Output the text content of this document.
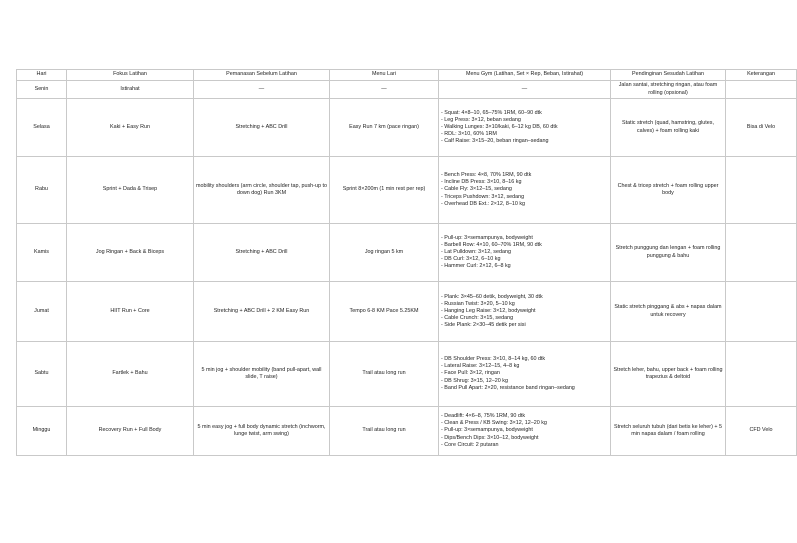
Hari	Fokus Latihan	Pemanasan Sebelum Latihan	Menu Lari	Menu Gym (Latihan, Set × Rep, Beban, Istirahat)	Pendinginan Sesudah Latihan	Keterangan
Senin	Istirahat	—	—	—	Jalan santai, stretching ringan, atau foam rolling (opsional)	
Selasa	Kaki + Easy Run	Stretching + ABC Drill	Easy Run 7 km (pace ringan)	- Squat: 4×8–10, 65–75% 1RM, 60–90 dtk
- Leg Press: 3×12, beban sedang
- Walking Lunges: 3×10/kaki, 6–12 kg DB, 60 dtk
- RDL: 3×10, 60% 1RM
- Calf Raise: 3×15–20, beban ringan–sedang	Static stretch (quad, hamstring, glutes, calves) + foam rolling kaki	Bisa di Velo
Rabu	Sprint + Dada & Trisep	mobility shoulders (arm circle, shoulder tap, push-up to down dog) Run 3KM	Sprint 8×200m (1 min rest per rep)	- Bench Press: 4×8, 70% 1RM, 90 dtk
- Incline DB Press: 3×10, 8–16 kg
- Cable Fly: 3×12–15, sedang
- Triceps Pushdown: 3×12, sedang
- Overhead DB Ext.: 2×12, 8–10 kg	Chest & tricep stretch + foam rolling upper body	
Kamis	Jog Ringan + Back & Biceps	Stretching + ABC Drill	Jog ringan 5 km	- Pull-up: 3×semampunya, bodyweight
- Barbell Row: 4×10, 60–70% 1RM, 90 dtk
- Lat Pulldown: 3×12, sedang
- DB Curl: 3×12, 6–10 kg
- Hammer Curl: 2×12, 6–8 kg	Stretch punggung dan lengan + foam rolling punggung & bahu	
Jumat	HIIT Run + Core	Stretching + ABC Drill + 2 KM Easy Run	Tempo 6-8 KM Pace 5.25KM	- Plank: 3×45–60 detik, bodyweight, 30 dtk
- Russian Twist: 3×20, 5–10 kg
- Hanging Leg Raise: 3×12, bodyweight
- Cable Crunch: 3×15, sedang
- Side Plank: 2×30–45 detik per sisi	Static stretch pinggang & abs + napas dalam untuk recovery	
Sabtu	Fartlek + Bahu	5 min jog + shoulder mobility (band pull-apart, wall slide, T raise)	Trail atau long run	- DB Shoulder Press: 3×10, 8–14 kg, 60 dtk
- Lateral Raise: 3×12–15, 4–8 kg
- Face Pull: 3×12, ringan
- DB Shrug: 3×15, 12–20 kg
- Band Pull Apart: 2×20, resistance band ringan–sedang	Stretch leher, bahu, upper back + foam rolling trapezius & deltoid	
Minggu	Recovery Run + Full Body	5 min easy jog + full body dynamic stretch (inchworm, lunge twist, arm swing)	Trail atau long run	- Deadlift: 4×6–8, 75% 1RM, 90 dtk
- Clean & Press / KB Swing: 3×12, 12–20 kg
- Pull-up: 3×semampunya, bodyweight
- Dips/Bench Dips: 3×10–12, bodyweight
- Core Circuit: 2 putaran	Stretch seluruh tubuh (dari betis ke leher) + 5 min napas dalam / foam rolling	CFD Velo
